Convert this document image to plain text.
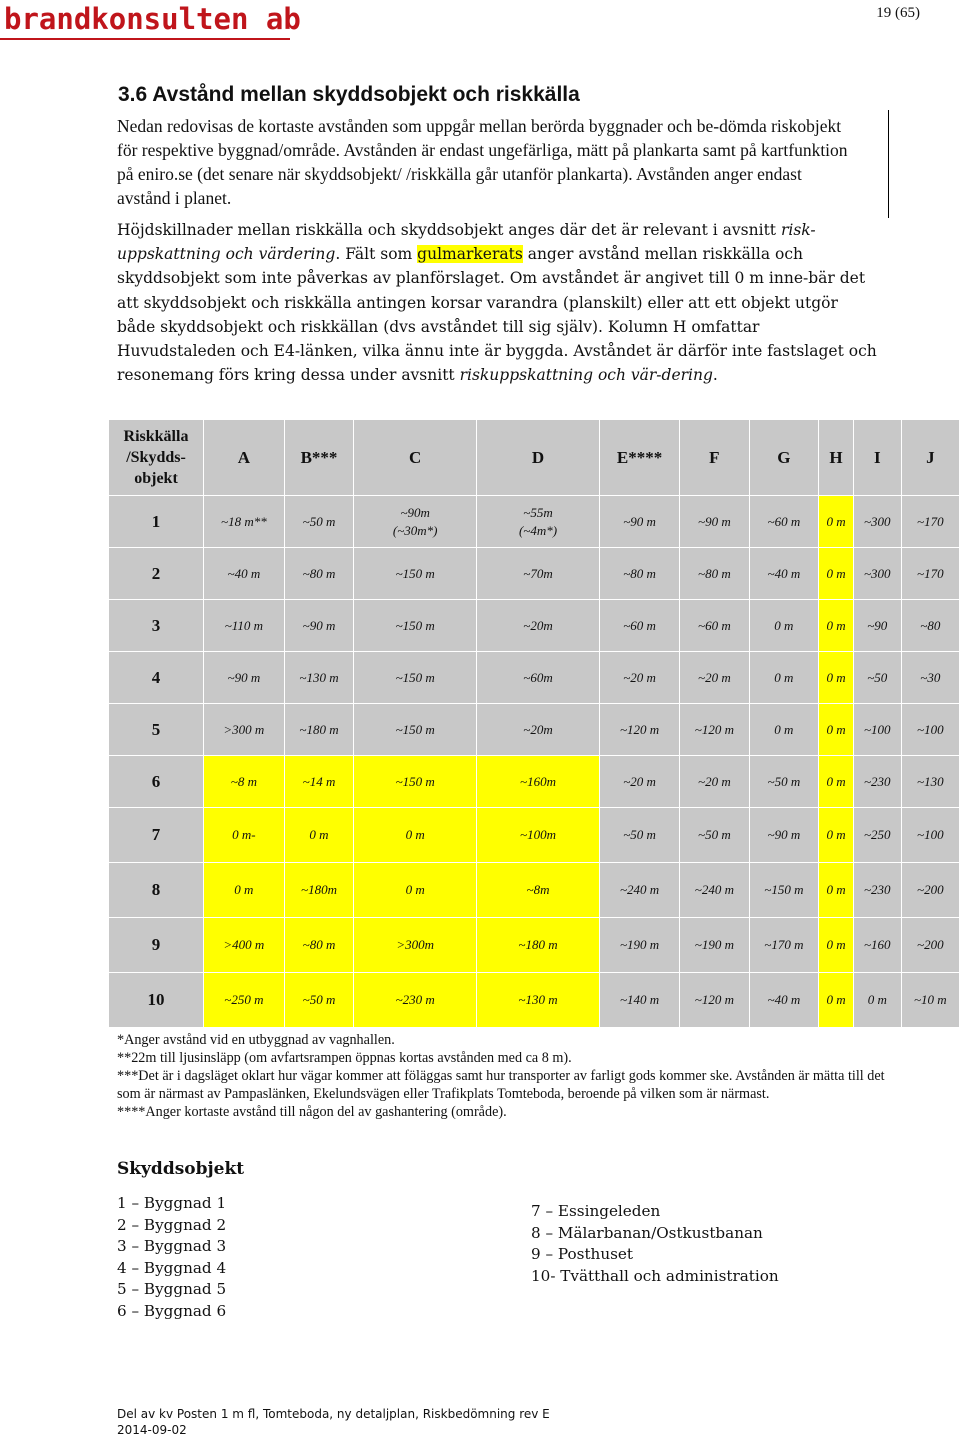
brandkonsulten ab	19 (65)
3.6 Avstånd mellan skyddsobjekt och riskkälla
Nedan redovisas de kortaste avstånden som uppgår mellan berörda byggnader och be-dömda riskobjekt för respektive byggnad/område. Avstånden är endast ungefärliga, mätt på plankarta samt på kartfunktion på eniro.se (det senare när skyddsobjekt/ /riskkälla går utanför plankarta). Avstånden anger endast avstånd i planet.
Höjdskillnader mellan riskkälla och skyddsobjekt anges där det är relevant i avsnitt risk-uppskattning och värdering. Fält som gulmarkerats anger avstånd mellan riskkälla och skyddsobjekt som inte påverkas av planförslaget. Om avståndet är angivet till 0 m inne-bär det att skyddsobjekt och riskkälla antingen korsar varandra (planskilt) eller att ett objekt utgör både skyddsobjekt och riskkällan (dvs avståndet till sig själv). Kolumn H omfattar Huvudstaleden och E4-länken, vilka ännu inte är byggda. Avståndet är därför inte fastslaget och resonemang förs kring dessa under avsnitt riskuppskattning och vär-dering.
Riskkälla
/Skydds-
objekt	A	B***	C	D	E****	F	G	H	I	J
1	~18 m**	~50 m	~90m (~30m*)	~55m (~4m*)	~90 m	~90 m	~60 m	0 m	~300	~170
2	~40 m	~80 m	~150 m	~70m	~80 m	~80 m	~40 m	0 m	~300	~170
3	~110 m	~90 m	~150 m	~20m	~60 m	~60 m	0 m	0 m	~90	~80
4	~90 m	~130 m	~150 m	~60m	~20 m	~20 m	0 m	0 m	~50	~30
5	>300 m	~180 m	~150 m	~20m	~120 m	~120 m	0 m	0 m	~100	~100
6	~8 m	~14 m	~150 m	~160m	~20 m	~20 m	~50 m	0 m	~230	~130
7	0 m-	0 m	0 m	~100m	~50 m	~50 m	~90 m	0 m	~250	~100
8	0 m	~180m	0 m	~8m	~240 m	~240 m	~150 m	0 m	~230	~200
9	>400 m	~80 m	>300m	~180 m	~190 m	~190 m	~170 m	0 m	~160	~200
10	~250 m	~50 m	~230 m	~130 m	~140 m	~120 m	~40 m	0 m	0 m	~10 m
*Anger avstånd vid en utbyggnad av vagnhallen.
**22m till ljusinsläpp (om avfartsrampen öppnas kortas avstånden med ca 8 m).
***Det är i dagsläget oklart hur vägar kommer att föläggas samt hur transporter av farligt gods kommer ske. Avstånden är mätta till det som är närmast av Pampaslänken, Ekelundsvägen eller Trafikplats Tomteboda, beroende på vilken som är närmast.
****Anger kortaste avstånd till någon del av gashantering (område).
Skyddsobjekt
1 – Byggnad 1
2 – Byggnad 2
3 – Byggnad 3
4 – Byggnad 4
5 – Byggnad 5
6 – Byggnad 6
7 – Essingeleden
8 – Mälarbanan/Ostkustbanan
9 – Posthuset
10- Tvätthall och administration
Del av kv Posten 1 m fl, Tomteboda, ny detaljplan, Riskbedömning rev E
2014-09-02
